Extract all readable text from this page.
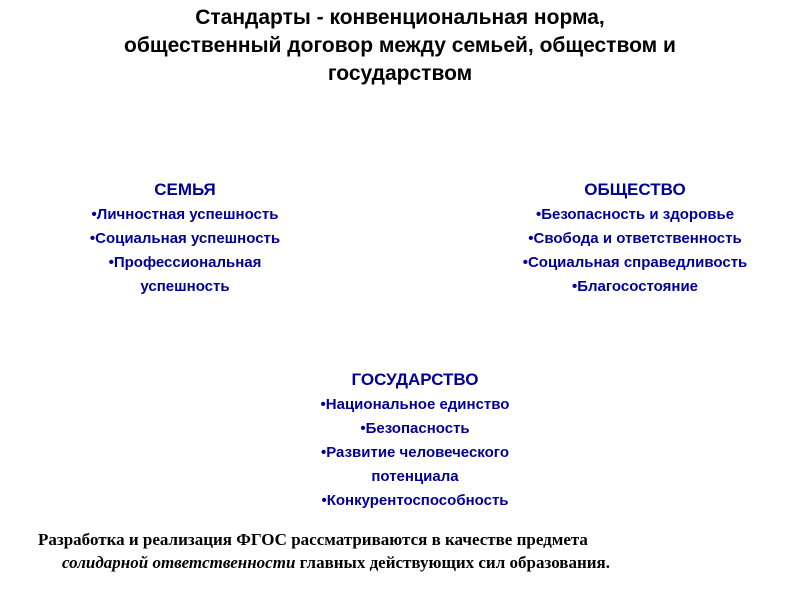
Стандарты - конвенциональная норма,
общественный договор между семьей, обществом и
государством
СЕМЬЯ
•Личностная успешность
•Социальная успешность
•Профессиональная
успешность
ОБЩЕСТВО
•Безопасность и здоровье
•Свобода и ответственность
•Социальная справедливость
•Благосостояние
ГОСУДАРСТВО
•Национальное единство
•Безопасность
•Развитие человеческого
потенциала
•Конкурентоспособность
Разработка и реализация ФГОС рассматриваются в качестве предмета
солидарной ответственности главных действующих сил образования.
